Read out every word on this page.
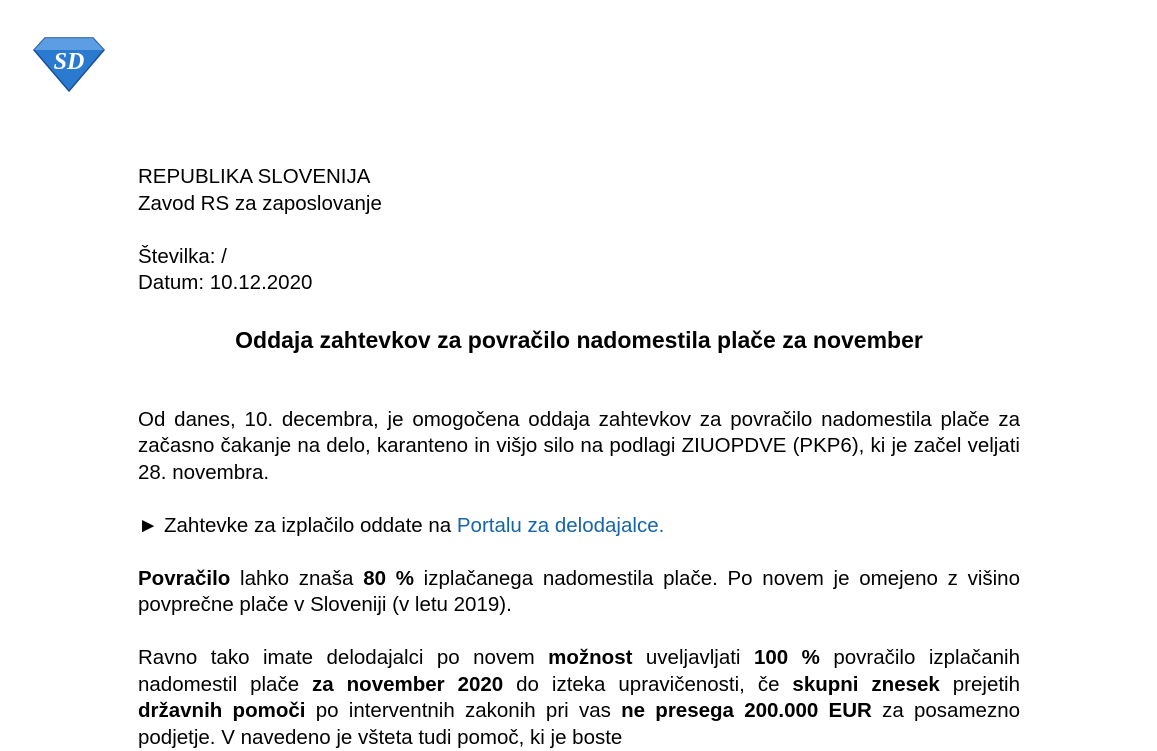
SD

REPUBLIKA SLOVENIJA

Zavod RS za zaposlovanje

Številka: /

Datum: 10.12.2020

Oddaja zahtevkov za povračilo nadomestila plače za november

Od danes, 10. decembra, je omogočena oddaja zahtevkov za povračilo nadomestila plače za začasno čakanje na delo, karanteno in višjo silo na podlagi ZIUOPDVE (PKP6), ki je začel veljati 28. novembra.

► Zahtevke za izplačilo oddate na Portalu za delodajalce.

Povračilo lahko znaša 80 % izplačanega nadomestila plače. Po novem je omejeno z višino povprečne plače v Sloveniji (v letu 2019).

Ravno tako imate delodajalci po novem možnost uveljavljati 100 % povračilo izplačanih nadomestil plače za november 2020 do izteka upravičenosti, če skupni znesek prejetih državnih pomoči po interventnih zakonih pri vas ne presega 200.000 EUR za posamezno podjetje. V navedeno je všteta tudi pomoč, ki je boste
